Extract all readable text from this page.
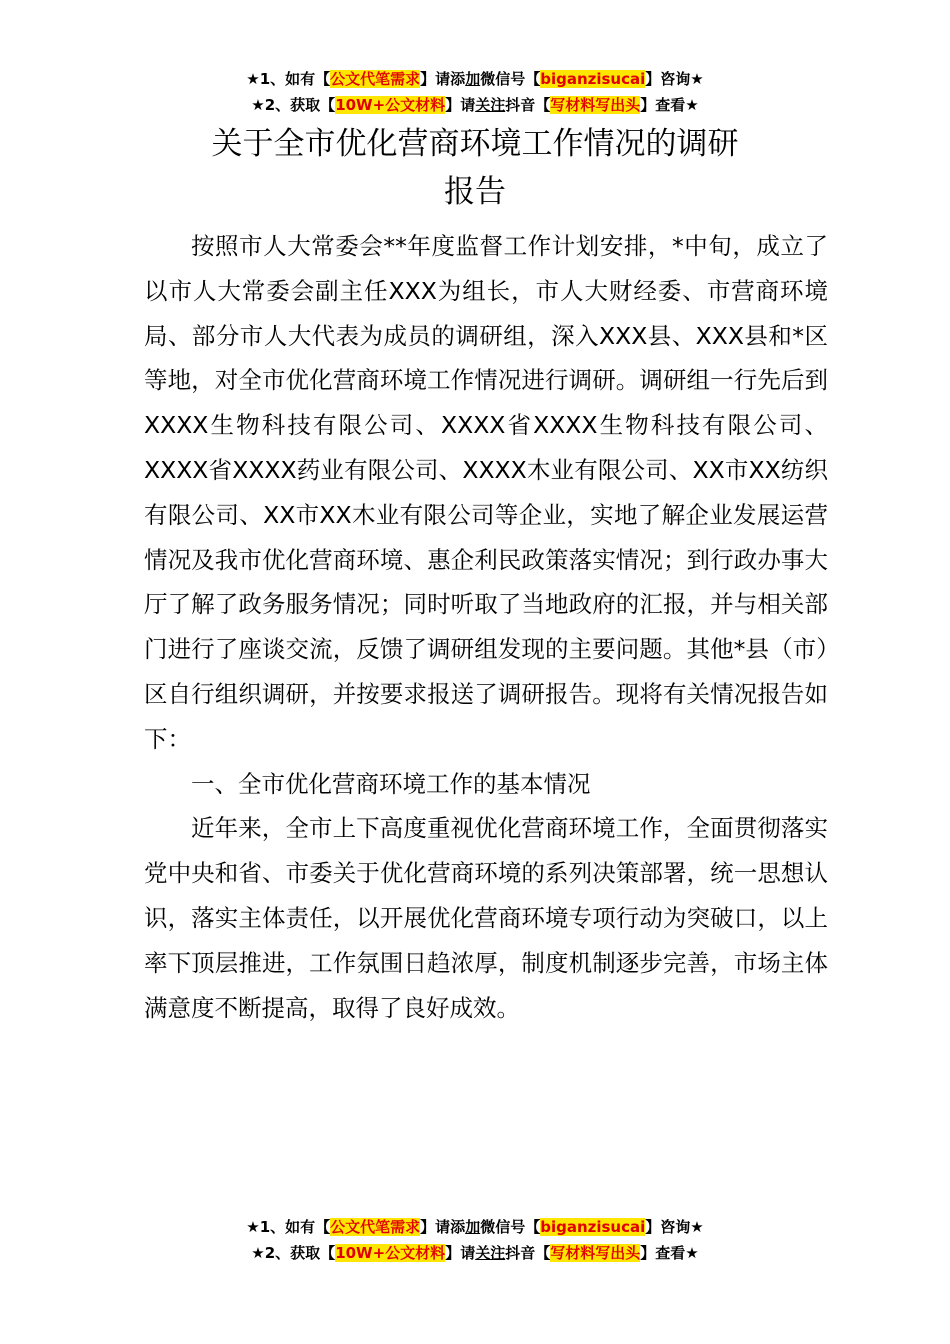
★1、如有【公文代笔需求】请添加微信号【biganzisucai】咨询★
★2、获取【10W+公文材料】请关注抖音【写材料写出头】查看★
关于全市优化营商环境工作情况的调研
报告

按照市人大常委会**年度监督工作计划安排，*中旬，成立了以市人大常委会副主任XXX为组长，市人大财经委、市营商环境局、部分市人大代表为成员的调研组，深入XXX县、XXX县和*区等地，对全市优化营商环境工作情况进行调研。调研组一行先后到XXXX生物科技有限公司、XXXX省XXXX生物科技有限公司、XXXX省XXXX药业有限公司、XXXX木业有限公司、XX市XX纺织有限公司、XX市XX木业有限公司等企业，实地了解企业发展运营情况及我市优化营商环境、惠企利民政策落实情况；到行政办事大厅了解了政务服务情况；同时听取了当地政府的汇报，并与相关部门进行了座谈交流，反馈了调研组发现的主要问题。其他*县（市）区自行组织调研，并按要求报送了调研报告。现将有关情况报告如下：

一、全市优化营商环境工作的基本情况

近年来，全市上下高度重视优化营商环境工作，全面贯彻落实党中央和省、市委关于优化营商环境的系列决策部署，统一思想认识，落实主体责任，以开展优化营商环境专项行动为突破口，以上率下顶层推进，工作氛围日趋浓厚，制度机制逐步完善，市场主体满意度不断提高，取得了良好成效。

★1、如有【公文代笔需求】请添加微信号【biganzisucai】咨询★
★2、获取【10W+公文材料】请关注抖音【写材料写出头】查看★
